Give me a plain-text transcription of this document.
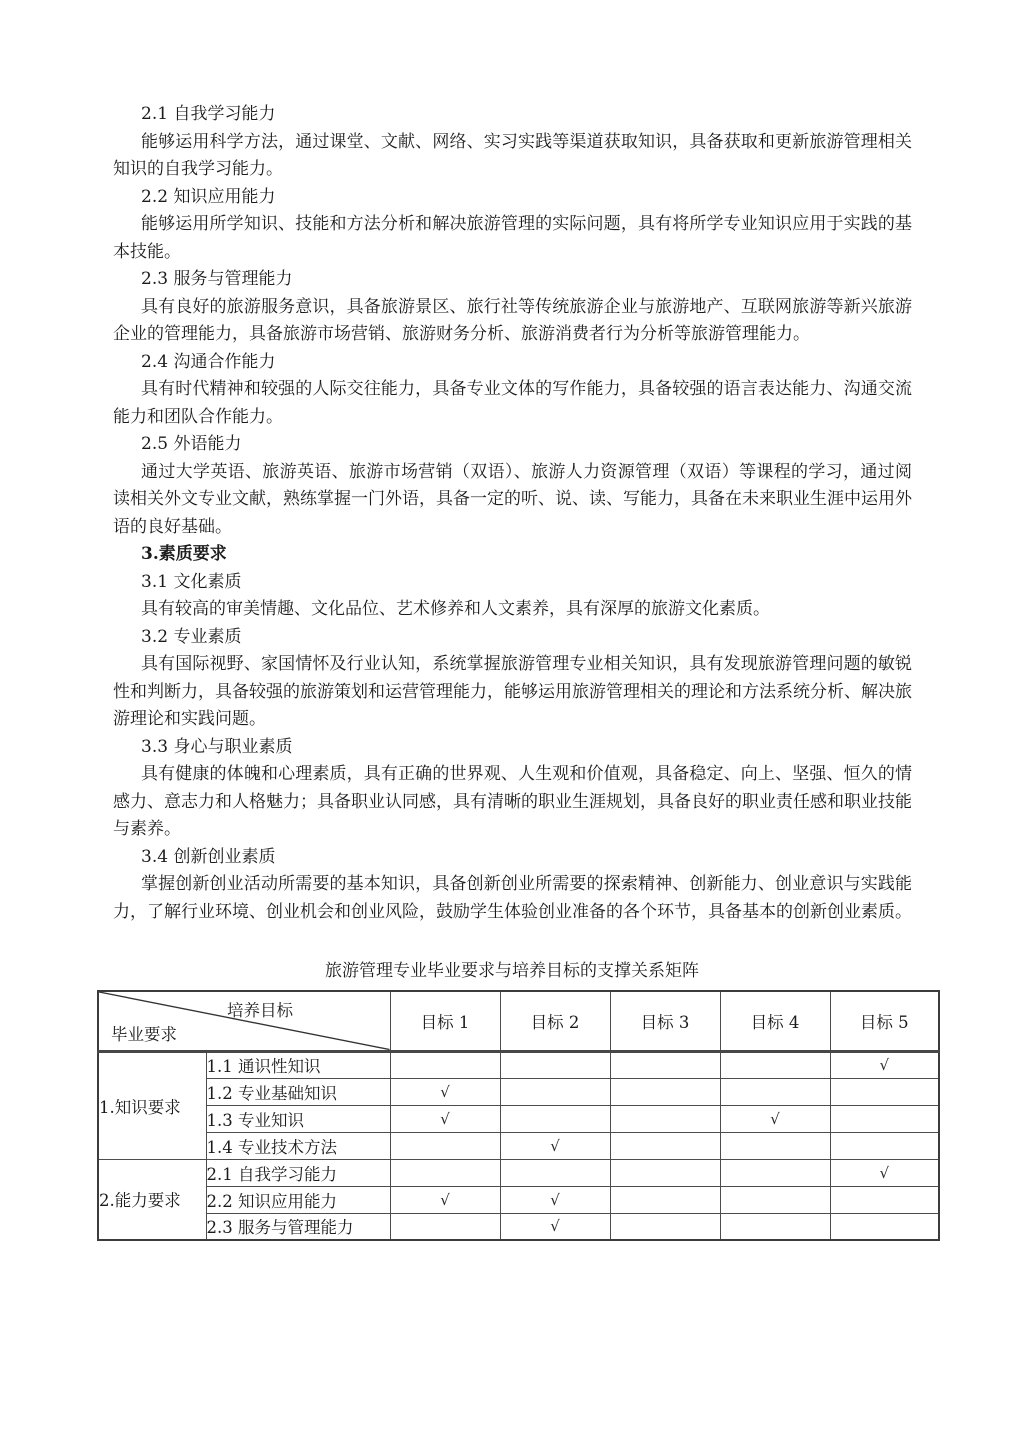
2.1 自我学习能力
能够运用科学方法，通过课堂、文献、网络、实习实践等渠道获取知识，具备获取和更新旅游管理相关知识的自我学习能力。
2.2 知识应用能力
能够运用所学知识、技能和方法分析和解决旅游管理的实际问题，具有将所学专业知识应用于实践的基本技能。
2.3 服务与管理能力
具有良好的旅游服务意识，具备旅游景区、旅行社等传统旅游企业与旅游地产、互联网旅游等新兴旅游企业的管理能力，具备旅游市场营销、旅游财务分析、旅游消费者行为分析等旅游管理能力。
2.4 沟通合作能力
具有时代精神和较强的人际交往能力，具备专业文体的写作能力，具备较强的语言表达能力、沟通交流能力和团队合作能力。
2.5 外语能力
通过大学英语、旅游英语、旅游市场营销（双语）、旅游人力资源管理（双语）等课程的学习，通过阅读相关外文专业文献，熟练掌握一门外语，具备一定的听、说、读、写能力，具备在未来职业生涯中运用外语的良好基础。
3.素质要求
3.1 文化素质
具有较高的审美情趣、文化品位、艺术修养和人文素养，具有深厚的旅游文化素质。
3.2 专业素质
具有国际视野、家国情怀及行业认知，系统掌握旅游管理专业相关知识，具有发现旅游管理问题的敏锐性和判断力，具备较强的旅游策划和运营管理能力，能够运用旅游管理相关的理论和方法系统分析、解决旅游理论和实践问题。
3.3 身心与职业素质
具有健康的体魄和心理素质，具有正确的世界观、人生观和价值观，具备稳定、向上、坚强、恒久的情感力、意志力和人格魅力；具备职业认同感，具有清晰的职业生涯规划，具备良好的职业责任感和职业技能与素养。
3.4 创新创业素质
掌握创新创业活动所需要的基本知识，具备创新创业所需要的探索精神、创新能力、创业意识与实践能力，了解行业环境、创业机会和创业风险，鼓励学生体验创业准备的各个环节，具备基本的创新创业素质。
旅游管理专业毕业要求与培养目标的支撑关系矩阵
培养目标
毕业要求		目标 1	目标 2	目标 3	目标 4	目标 5
1.知识要求	1.1 通识性知识					√
	1.2 专业基础知识	√				
	1.3 专业知识	√			√	
	1.4 专业技术方法		√			
2.能力要求	2.1 自我学习能力					√
	2.2 知识应用能力	√	√			
	2.3 服务与管理能力		√			
